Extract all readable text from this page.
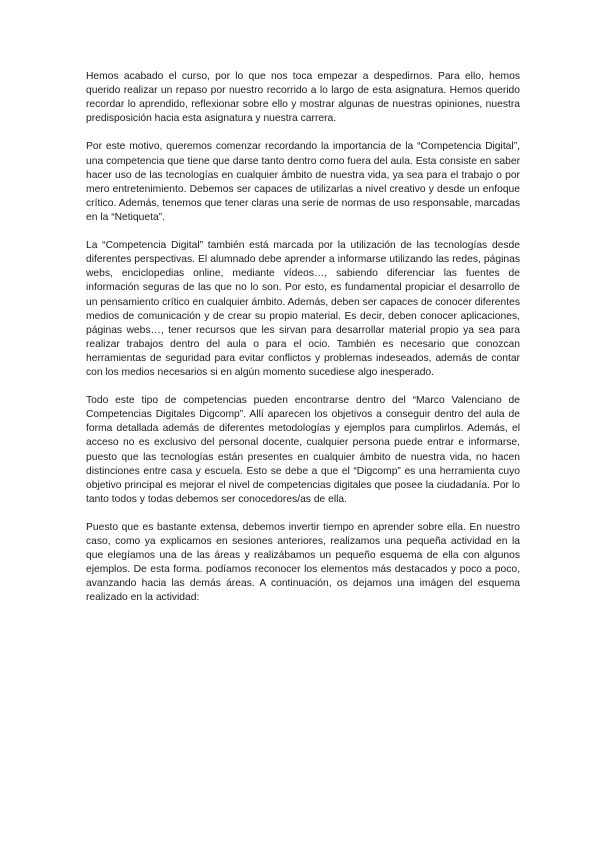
Hemos acabado el curso, por lo que nos toca empezar a despedirnos. Para ello, hemos querido realizar un repaso por nuestro recorrido a lo largo de esta asignatura. Hemos querido recordar lo aprendido, reflexionar sobre ello y mostrar algunas de nuestras opiniones, nuestra predisposición hacia esta asignatura y nuestra carrera.

Por este motivo, queremos comenzar recordando la importancia de la “Competencia Digital”, una competencia que tiene que darse tanto dentro como fuera del aula. Esta consiste en saber hacer uso de las tecnologías en cualquier ámbito de nuestra vida, ya sea para el trabajo o por mero entretenimiento. Debemos ser capaces de utilizarlas a nivel creativo y desde un enfoque crítico. Además, tenemos que tener claras una serie de normas de uso responsable, marcadas en la “Netiqueta”.

La “Competencia Digital” también está marcada por la utilización de las tecnologías desde diferentes perspectivas. El alumnado debe aprender a informarse utilizando las redes, páginas webs, enciclopedias online, mediante vídeos…, sabiendo diferenciar las fuentes de información seguras de las que no lo son. Por esto, es fundamental propiciar el desarrollo de un pensamiento crítico en cualquier ámbito. Además, deben ser capaces de conocer diferentes medios de comunicación y de crear su propio material. Es decir, deben conocer aplicaciones, páginas webs…, tener recursos que les sirvan para desarrollar material propio ya sea para realizar trabajos dentro del aula o para el ocio. También es necesario que conozcan herramientas de seguridad para evitar conflictos y problemas indeseados, además de contar con los medios necesarios si en algún momento sucediese algo inesperado.

Todo este tipo de competencias pueden encontrarse dentro del “Marco Valenciano de Competencias Digitales Digcomp”. Allí aparecen los objetivos a conseguir dentro del aula de forma detallada además de diferentes metodologías y ejemplos para cumplirlos. Además, el acceso no es exclusivo del personal docente, cualquier persona puede entrar e informarse, puesto que las tecnologías están presentes en cualquier ámbito de nuestra vida, no hacen distinciones entre casa y escuela. Esto se debe a que el “Digcomp” es una herramienta cuyo objetivo principal es mejorar el nivel de competencias digitales que posee la ciudadanía. Por lo tanto todos y todas debemos ser conocedores/as de ella.

Puesto que es bastante extensa, debemos invertir tiempo en aprender sobre ella. En nuestro caso, como ya explicamos en sesiones anteriores, realizamos una pequeña actividad en la que elegíamos una de las áreas y realizábamos un pequeño esquema de ella con algunos ejemplos. De esta forma. podíamos reconocer los elementos más destacados y poco a poco, avanzando hacia las demás áreas. A continuación, os dejamos una imágen del esquema realizado en la actividad:
